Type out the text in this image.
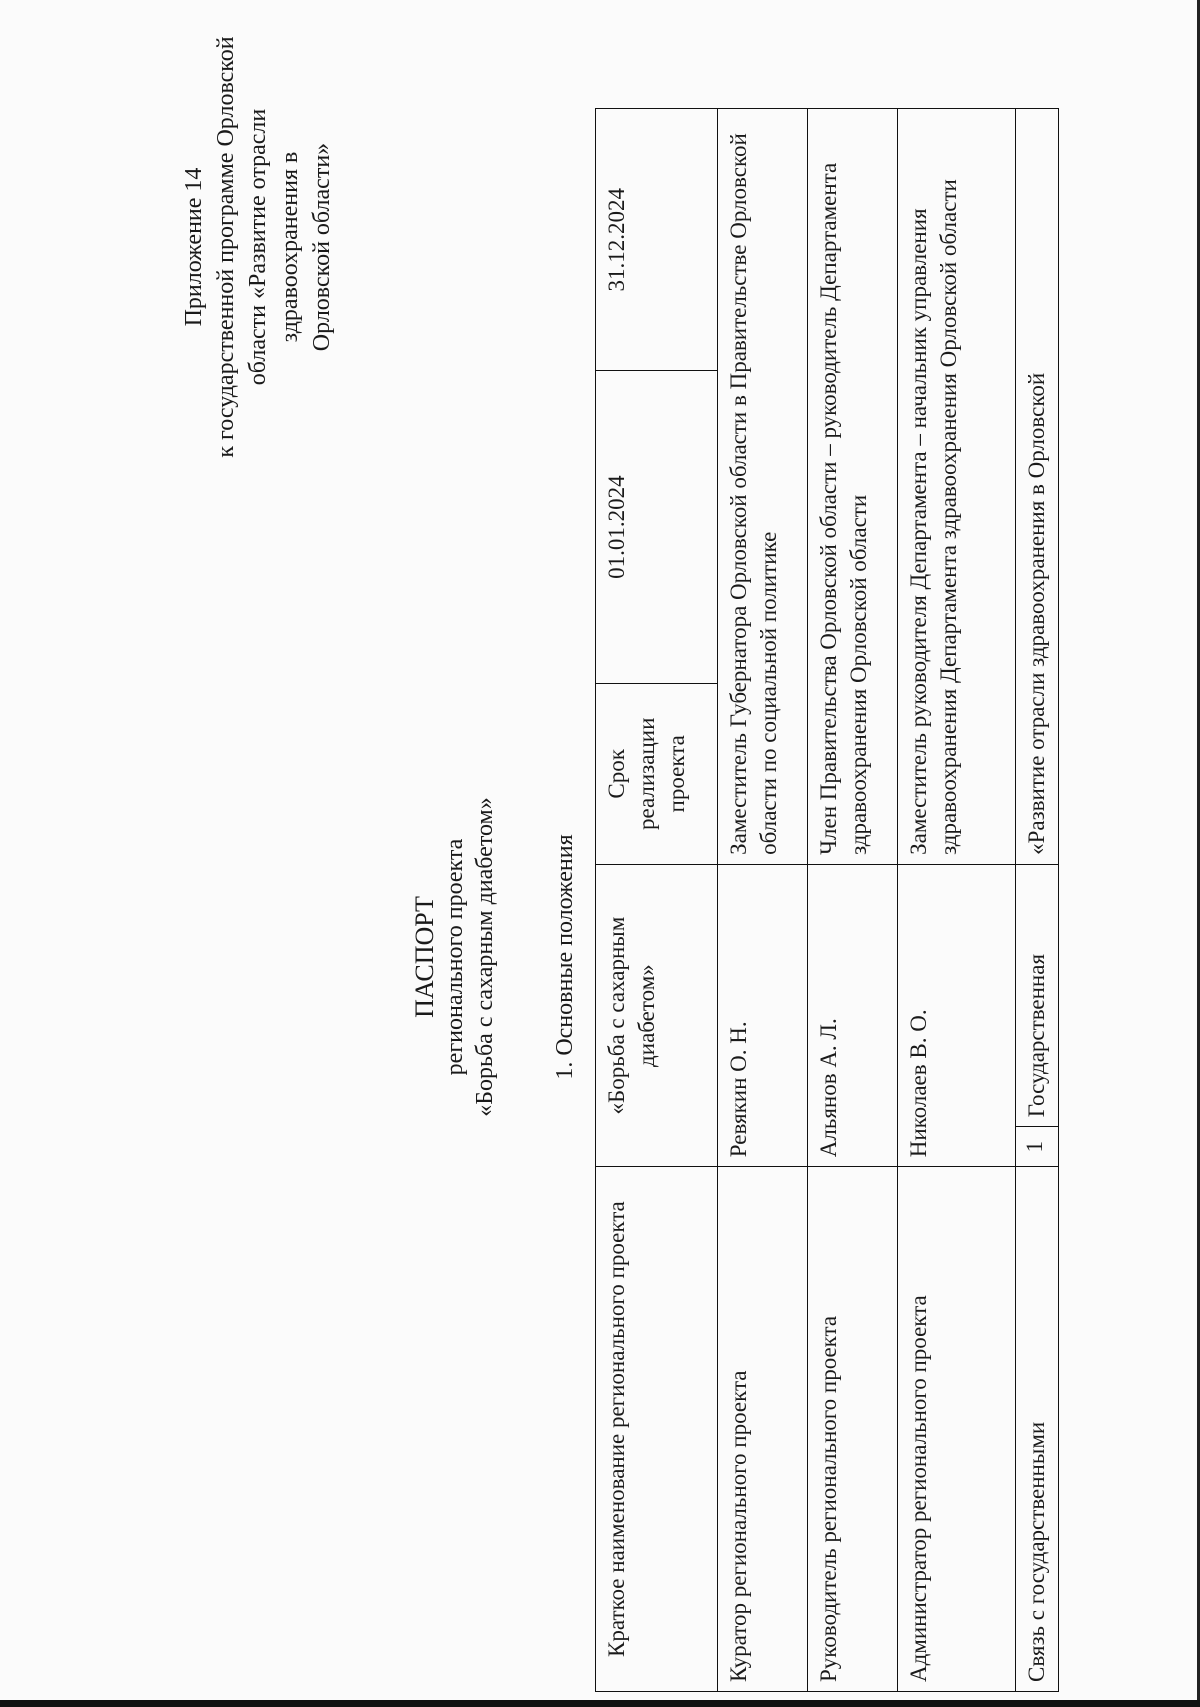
Приложение 14 к государственной программе Орловской области «Развитие отрасли здравоохранения в Орловской области»
ПАСПОРТ регионального проекта «Борьба с сахарным диабетом» 1. Основные положения
Краткое наименование регионального проекта	«Борьба с сахарным диабетом»		Срок реализации проекта	01.01.2024	31.12.2024
Куратор регионального проекта	Ревякин О. Н.		Заместитель Губернатора Орловской области в Правительстве Орловской области по социальной политике		
Руководитель регионального проекта	Альянов А. Л.		Член Правительства Орловской области – руководитель Департамента здравоохранения Орловской области		
Администратор регионального проекта	Николаев В. О.		Заместитель руководителя Департамента – начальник управления здравоохранения Департамента здравоохранения Орловской области		
Связь с государственными	1	Государственная	«Развитие отрасли здравоохранения в Орловской		
